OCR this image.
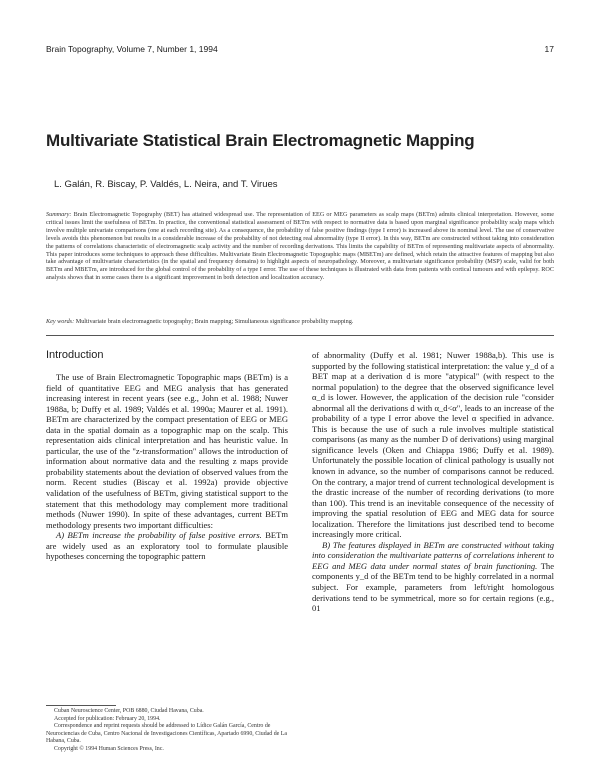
Brain Topography, Volume 7, Number 1, 1994	17
Multivariate Statistical Brain Electromagnetic Mapping
L. Galán, R. Biscay, P. Valdés, L. Neira, and T. Virues
Summary: Brain Electromagnetic Topography (BET) has attained widespread use. The representation of EEG or MEG parameters as scalp maps (BETm) admits clinical interpretation. However, some critical issues limit the usefulness of BETm. In practice, the conventional statistical assessment of BETm with respect to normative data is based upon marginal significance probability scalp maps which involve multiple univariate comparisons (one at each recording site). As a consequence, the probability of false positive findings (type I error) is increased above its nominal level. The use of conservative levels avoids this phenomenon but results in a considerable increase of the probability of not detecting real abnormality (type II error). In this way, BETm are constructed without taking into consideration the patterns of correlations characteristic of electromagnetic scalp activity and the number of recording derivations. This limits the capability of BETm of representing multivariate aspects of abnormality. This paper introduces some techniques to approach these difficulties. Multivariate Brain Electromagnetic Topographic maps (MBETm) are defined, which retain the attractive features of mapping but also take advantage of multivariate characteristics (in the spatial and frequency domains) to highlight aspects of neuropathology. Moreover, a multivariate significance probability (MSP) scale, valid for both BETm and MBETm, are introduced for the global control of the probability of a type I error. The use of these techniques is illustrated with data from patients with cortical tumours and with epilepsy. ROC analysis shows that in some cases there is a significant improvement in both detection and localization accuracy.
Key words: Multivariate brain electromagnetic topography; Brain mapping; Simultaneous significance probability mapping.
Introduction

The use of Brain Electromagnetic Topographic maps (BETm) is a field of quantitative EEG and MEG analysis that has generated increasing interest in recent years (see e.g., John et al. 1988; Nuwer 1988a, b; Duffy et al. 1989; Valdés et al. 1990a; Maurer et al. 1991). BETm are characterized by the compact presentation of EEG or MEG data in the spatial domain as a topographic map on the scalp. This representation aids clinical interpretation and has heuristic value. In particular, the use of the "z-transformation" allows the introduction of information about normative data and the resulting z maps provide probability statements about the deviation of observed values from the norm. Recent studies (Biscay et al. 1992a) provide objective validation of the usefulness of BETm, giving statistical support to the statement that this methodology may complement more traditional methods (Nuwer 1990). In spite of these advantages, current BETm methodology presents two important difficulties:

A) BETm increase the probability of false positive errors. BETm are widely used as an exploratory tool to formulate plausible hypotheses concerning the topographic pattern

of abnormality (Duffy et al. 1981; Nuwer 1988a,b). This use is supported by the following statistical interpretation: the value y_d of a BET map at a derivation d is more "atypical" (with respect to the normal population) to the degree that the observed significance level α_d is lower. However, the application of the decision rule "consider abnormal all the derivations d with α_d<α", leads to an increase of the probability of a type I error above the level α specified in advance. This is because the use of such a rule involves multiple statistical comparisons (as many as the number D of derivations) using marginal significance levels (Oken and Chiappa 1986; Duffy et al. 1989). Unfortunately the possible location of clinical pathology is usually not known in advance, so the number of comparisons cannot be reduced. On the contrary, a major trend of current technological development is the drastic increase of the number of recording derivations (to more than 100). This trend is an inevitable consequence of the necessity of improving the spatial resolution of EEG and MEG data for source localization. Therefore the limitations just described tend to become increasingly more critical.

B) The features displayed in BETm are constructed without taking into consideration the multivariate patterns of correlations inherent to EEG and MEG data under normal states of brain functioning. The components y_d of the BETm tend to be highly correlated in a normal subject. For example, parameters from left/right homologous derivations tend to be symmetrical, more so for certain regions (e.g., 01

Cuban Neuroscience Center, POB 6880, Ciudad Havana, Cuba.
Accepted for publication: February 20, 1994.
Correspondence and reprint requests should be addressed to Lídice Galán García, Centro de Neurociencias de Cuba, Centro Nacional de Investigaciones Científicas, Apartado 6990, Ciudad de La Habana, Cuba.
Copyright © 1994 Human Sciences Press, Inc.
